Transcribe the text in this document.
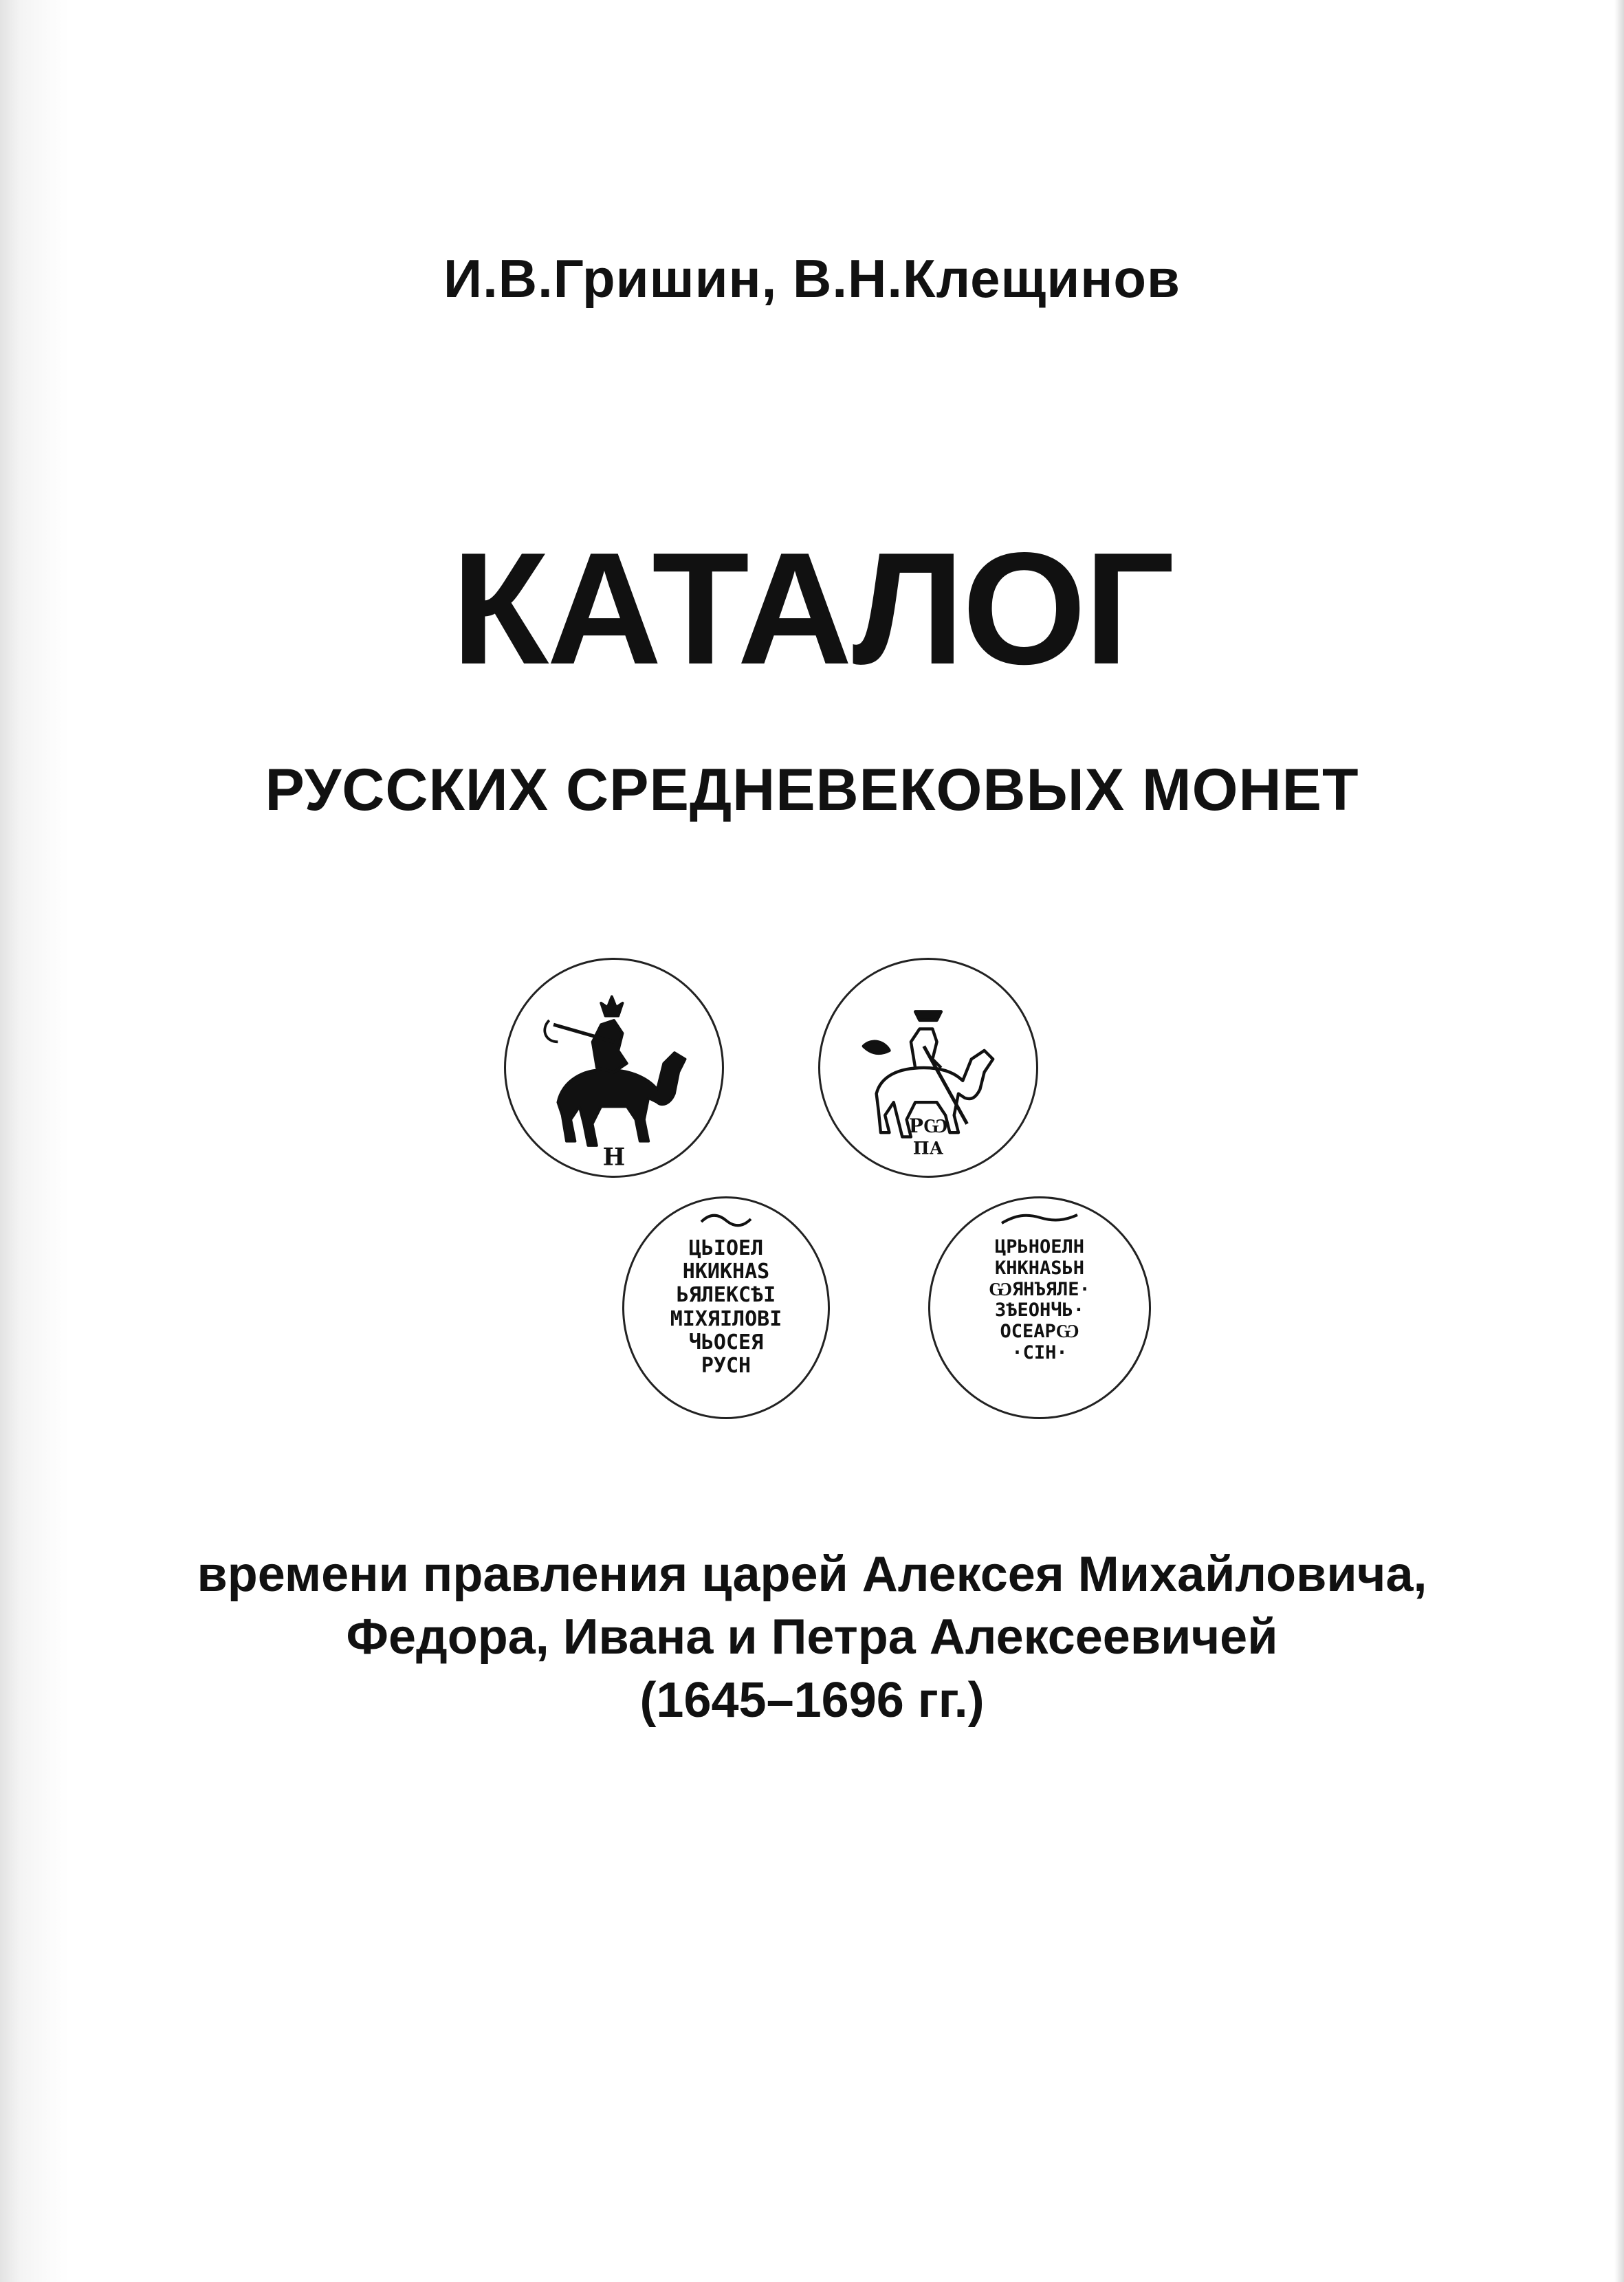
И.В.Гришин, В.Н.Клещинов
КАТАЛОГ
РУССКИХ СРЕДНЕВЕКОВЫХ МОНЕТ
Н
РѠ
ПА
ЦЬІОЕЛ
НКИКНАS
ЬЯЛЕКСѢІ
МІХЯІЛОВІ
ЧЬОСЕЯ
РУСН
ЦРЬНОЕЛН
КНКНАSЬН
ѠЯНЪЯЛЕ·
ЗѢЕОНЧЬ·
ОСЕАРѠ
·СІН·
времени правления царей Алексея Михайловича,
Федора, Ивана и Петра Алексеевичей
(1645–1696 гг.)
